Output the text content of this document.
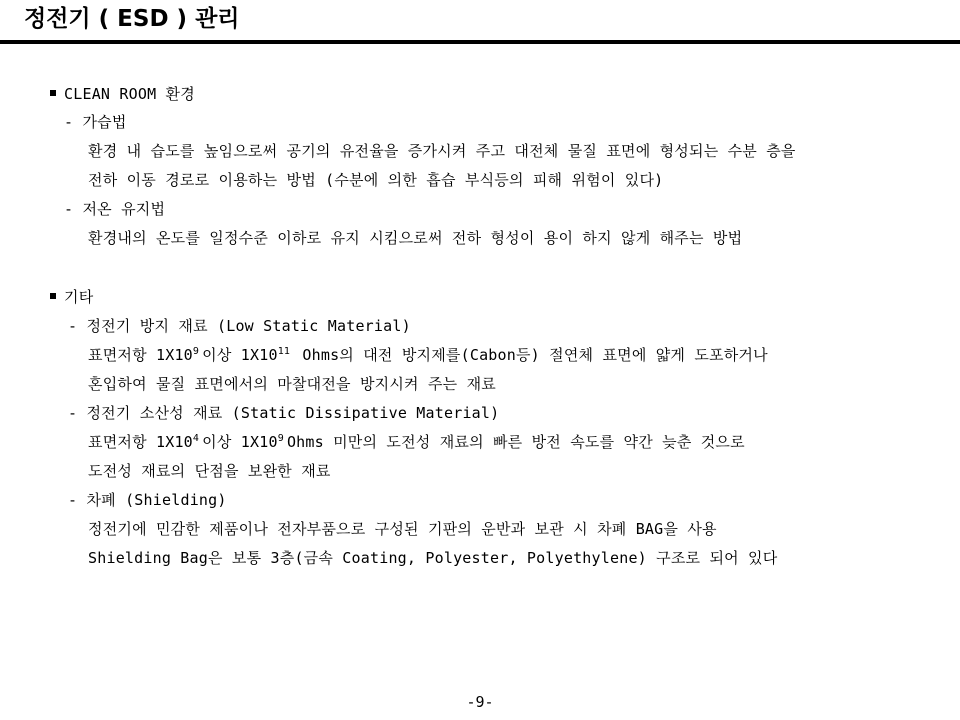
정전기 ( ESD ) 관리
CLEAN ROOM 환경
- 가습법
환경 내 습도를 높임으로써 공기의 유전율을 증가시켜 주고 대전체 물질 표면에 형성되는 수분 층을
전하 이동 경로로 이용하는 방법 (수분에 의한 흡습 부식등의 피해 위험이 있다)
- 저온 유지법
환경내의 온도를 일정수준 이하로 유지 시킴으로써 전하 형성이 용이 하지 않게 해주는 방법
기타
- 정전기 방지 재료 (Low Static Material)
표면저항 $1X10^9$ 이상 $1X10^{11}$ Ohms의 대전 방지제를(Cabon등) 절연체 표면에 얇게 도포하거나
혼입하여 물질 표면에서의 마찰대전을 방지시켜 주는 재료
- 정전기 소산성 재료 (Static Dissipative Material)
표면저항 $1X10^4$ 이상 $1X10^9$ Ohms 미만의 도전성 재료의 빠른 방전 속도를 약간 늦춘 것으로
도전성 재료의 단점을 보완한 재료
- 차폐 (Shielding)
정전기에 민감한 제품이나 전자부품으로 구성된 기판의 운반과 보관 시 차폐 BAG을 사용
Shielding Bag은 보통 3층(금속 Coating, Polyester, Polyethylene) 구조로 되어 있다
-9-
